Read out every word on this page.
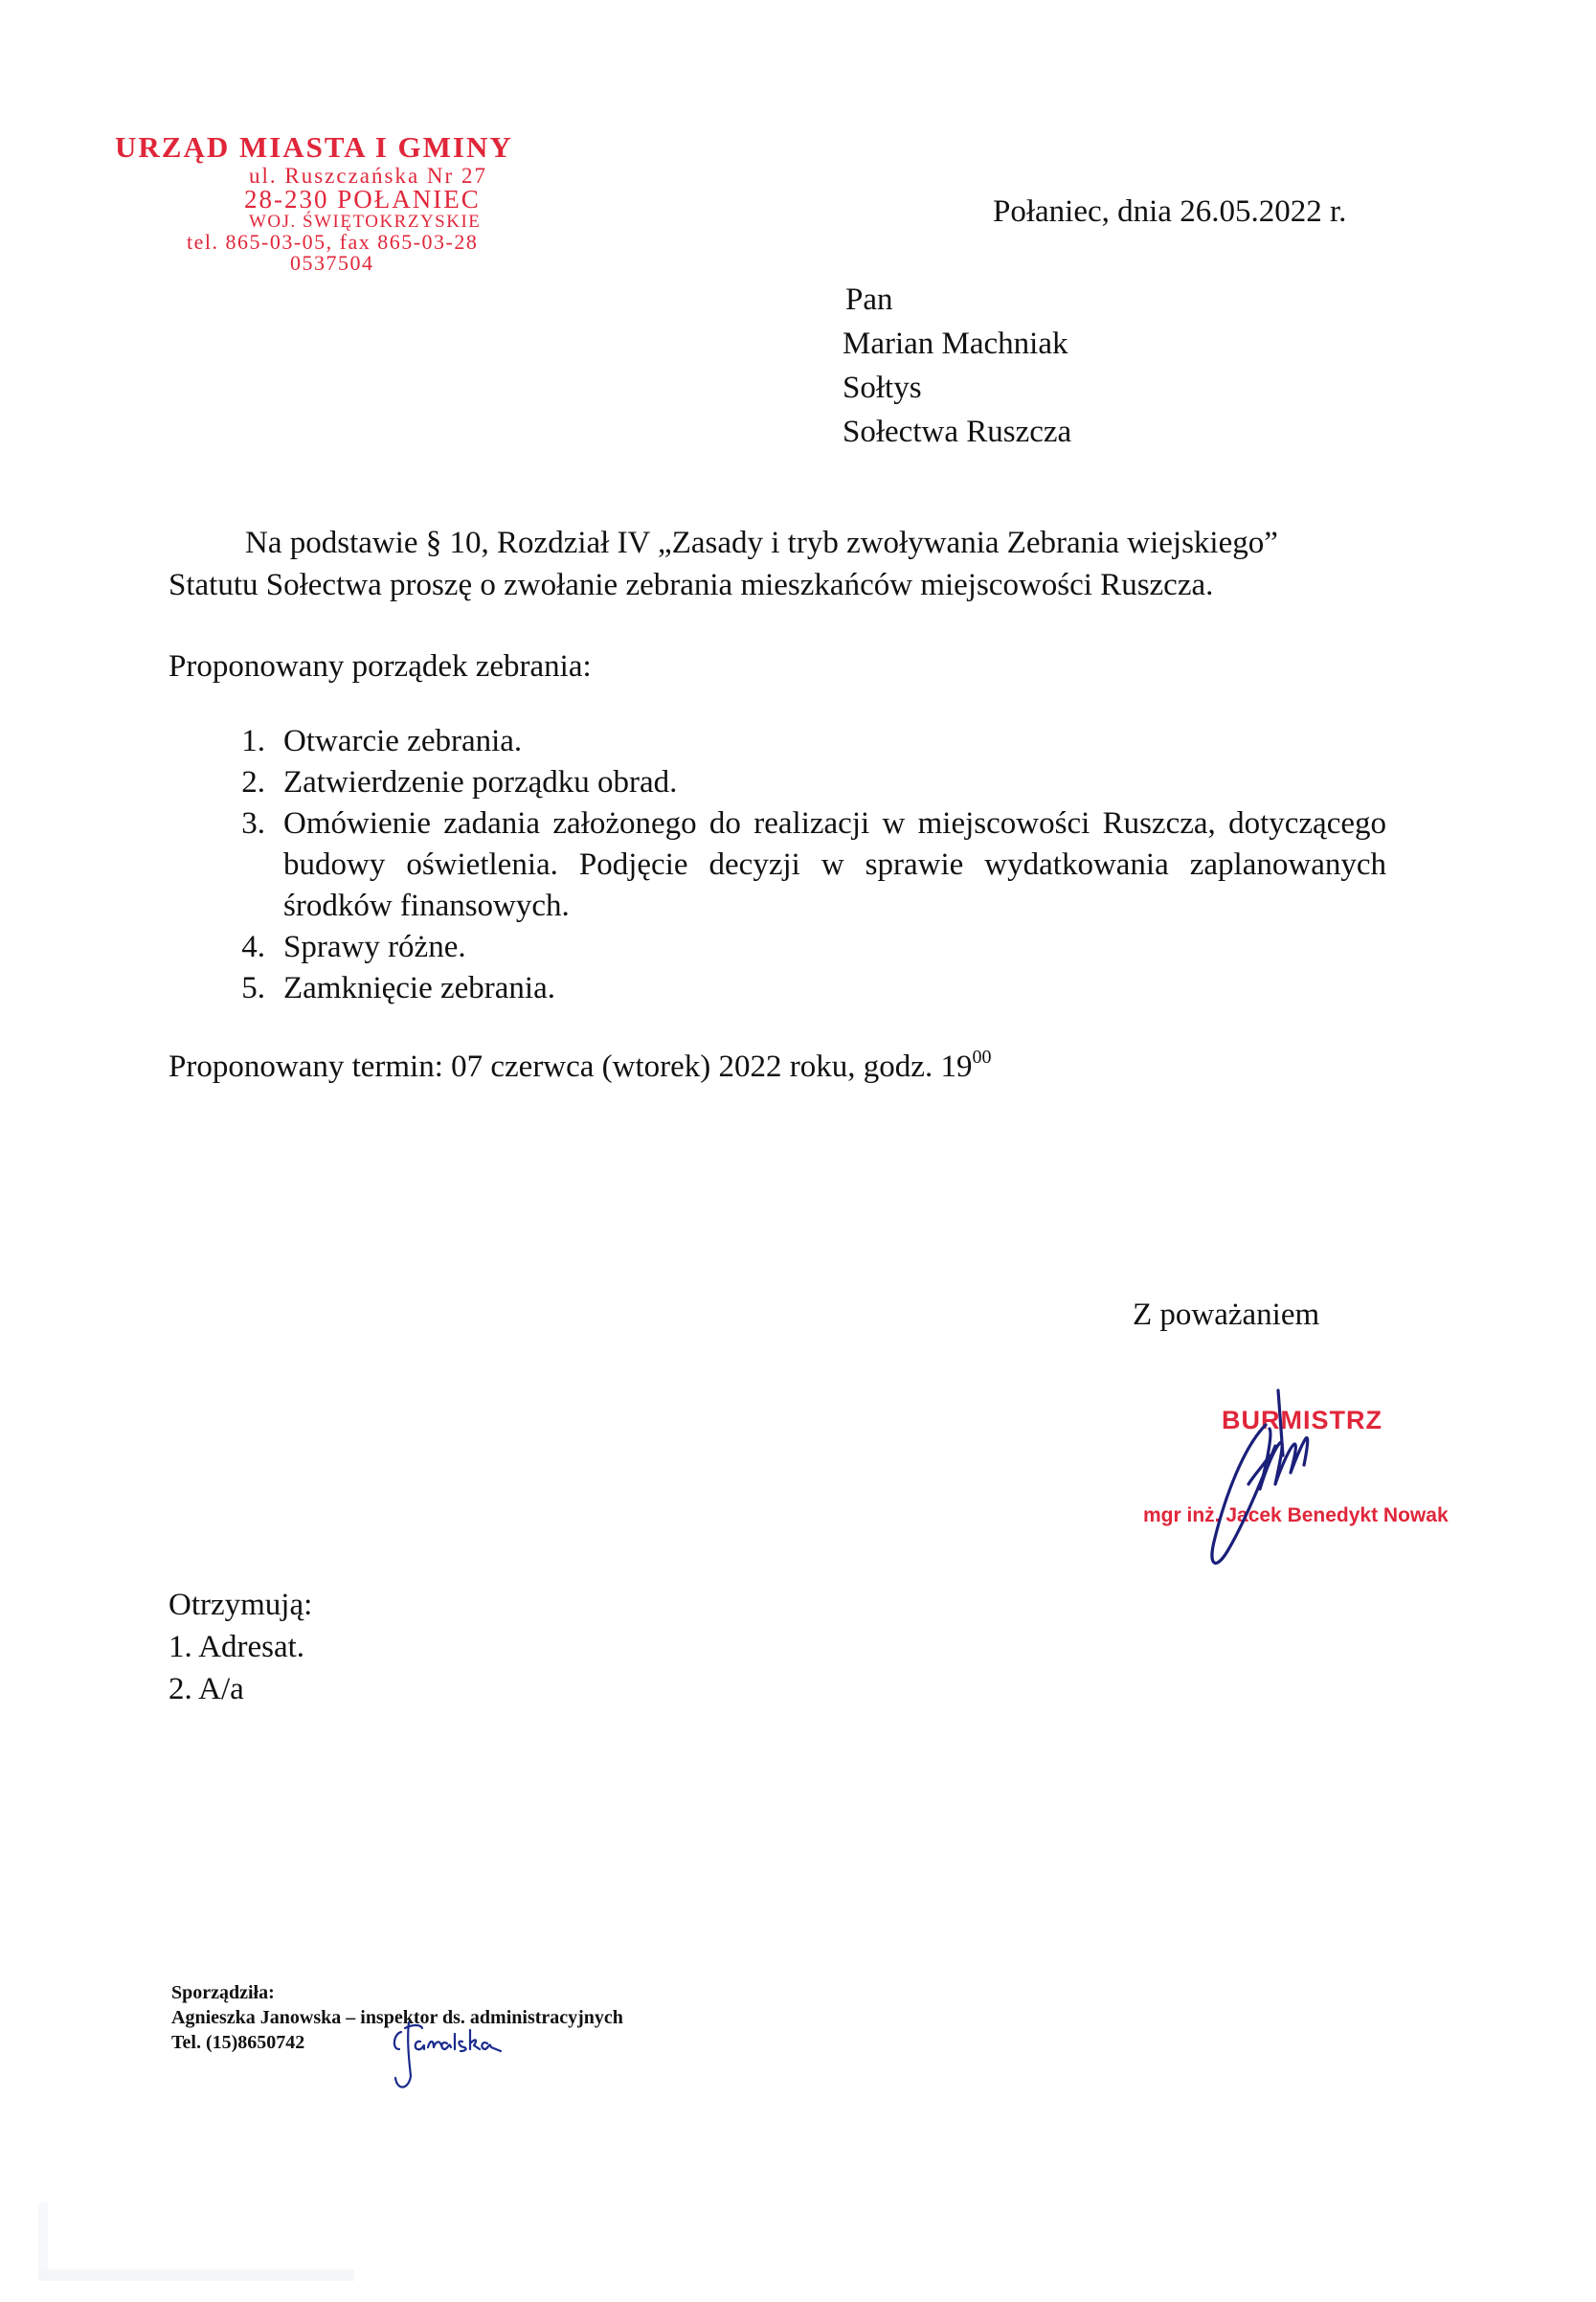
URZĄD MIASTA I GMINY
ul. Ruszczańska Nr 27
28-230 POŁANIEC
WOJ. ŚWIĘTOKRZYSKIE
tel. 865-03-05, fax 865-03-28
0537504
Połaniec, dnia 26.05.2022 r.
Pan
Marian Machniak
Sołtys
Sołectwa Ruszcza
Na podstawie § 10, Rozdział IV „Zasady i tryb zwoływania Zebrania wiejskiego”
Statutu Sołectwa proszę o zwołanie zebrania mieszkańców miejscowości Ruszcza.
Proponowany porządek zebrania:
1. Otwarcie zebrania.
2. Zatwierdzenie porządku obrad.
3. Omówienie zadania założonego do realizacji w miejscowości Ruszcza, dotyczącego budowy oświetlenia. Podjęcie decyzji w sprawie wydatkowania zaplanowanych środków finansowych.
4. Sprawy różne.
5. Zamknięcie zebrania.
Proponowany termin: 07 czerwca (wtorek) 2022 roku, godz. $19^{00}$
Z poważaniem
BURMISTRZ
mgr inż. Jacek Benedykt Nowak
Otrzymują:
1. Adresat.
2. A/a
Sporządziła:
Agnieszka Janowska – inspektor ds. administracyjnych
Tel. (15)8650742
